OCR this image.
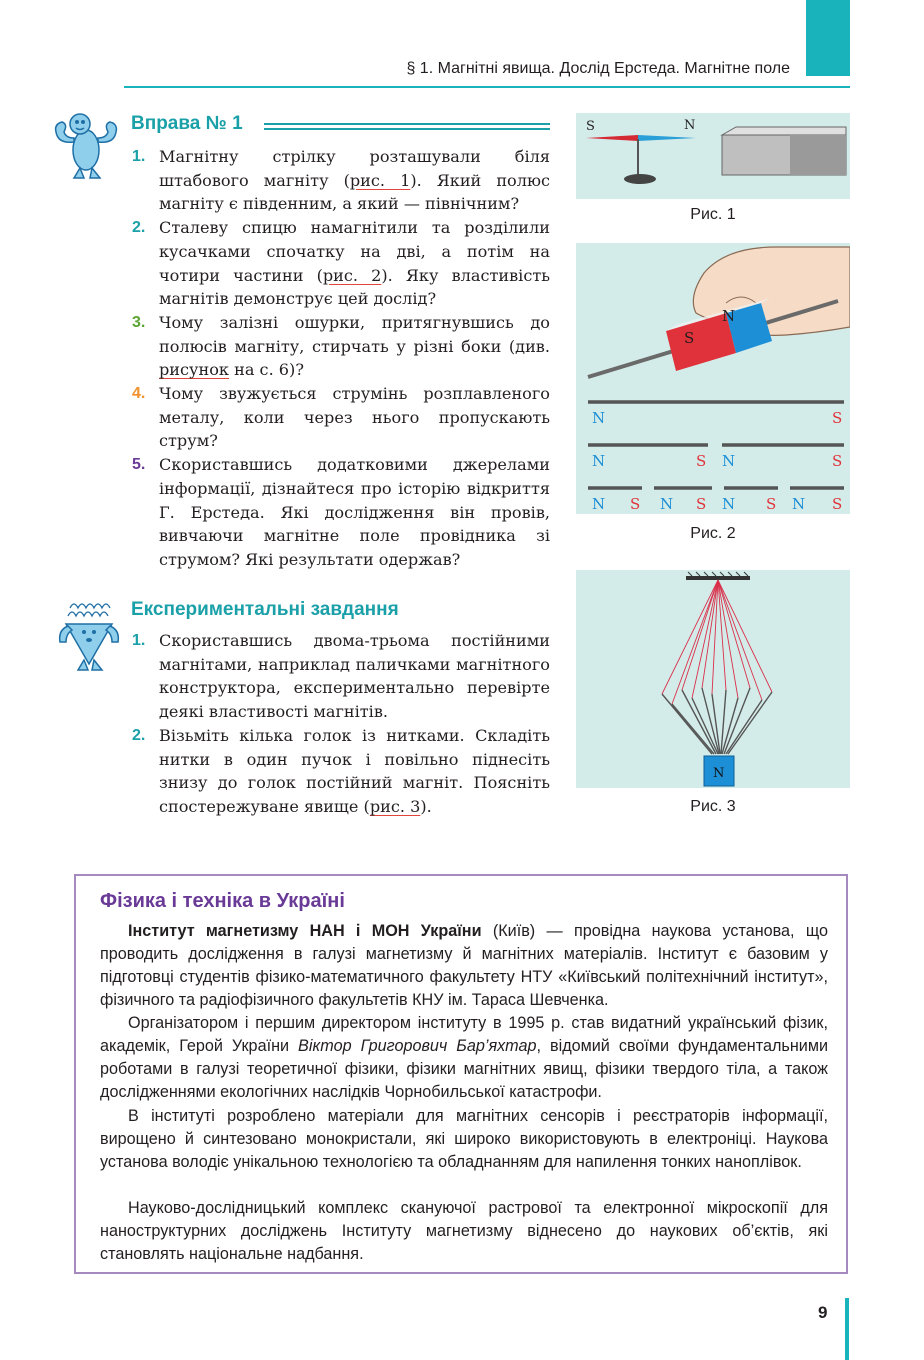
§ 1. Магнітні явища. Дослід Ерстеда. Магнітне поле
Вправа № 1
1. Магнітну стрілку розташували біля штабового магніту (рис. 1). Який полюс магніту є південним, а який — північним?
2. Сталеву спицю намагнітили та розділили кусачками спочатку на дві, а потім на чотири частини (рис. 2). Яку властивість магнітів демонструє цей дослід?
3. Чому залізні ошурки, притягнувшись до полюсів магніту, стирчать у різні боки (див. рисунок на с. 6)?
4. Чому звужується струмінь розплавленого металу, коли через нього пропускають струм?
5. Скориставшись додатковими джерелами інформації, дізнайтеся про історію відкриття Г. Ерстеда. Які дослідження він провів, вивчаючи магнітне поле провідника зі струмом? Які результати одержав?
Експериментальні завдання
1. Скориставшись двома-трьома постійними магнітами, наприклад паличками магнітного конструктора, експериментально перевірте деякі властивості магнітів.
2. Візьміть кілька голок із нитками. Складіть нитки в один пучок і повільно піднесіть знизу до голок постійний магніт. Поясніть спостережуване явище (рис. 3).
S	N
Рис. 1
S
N
N	S
N	S N	S
N S N S N S N S
Рис. 2
N
Рис. 3
Фізика і техніка в Україні

Інститут магнетизму НАН і МОН України (Київ) — провідна наукова установа, що проводить дослідження в галузі магнетизму й магнітних матеріалів. Інститут є базовим у підготовці студентів фізико-математичного факультету НТУ «Київський політехнічний інститут», фізичного та радіофізичного факультетів КНУ ім. Тараса Шевченка.

Організатором і першим директором інституту в 1995 р. став видатний український фізик, академік, Герой України Віктор Григорович Бар’яхтар, відомий своїми фундаментальними роботами в галузі теоретичної фізики, фізики магнітних явищ, фізики твердого тіла, а також дослідженнями екологічних наслідків Чорнобильської катастрофи.

В інституті розроблено матеріали для магнітних сенсорів і реєстраторів інформації, вирощено й синтезовано монокристали, які широко використовують в електроніці. Наукова установа володіє унікальною технологією та обладнанням для напилення тонких наноплівок.

Науково-дослідницький комплекс скануючої растрової та електронної мікроскопії для наноструктурних досліджень Інституту магнетизму віднесено до наукових об’єктів, які становлять національне надбання.

9
